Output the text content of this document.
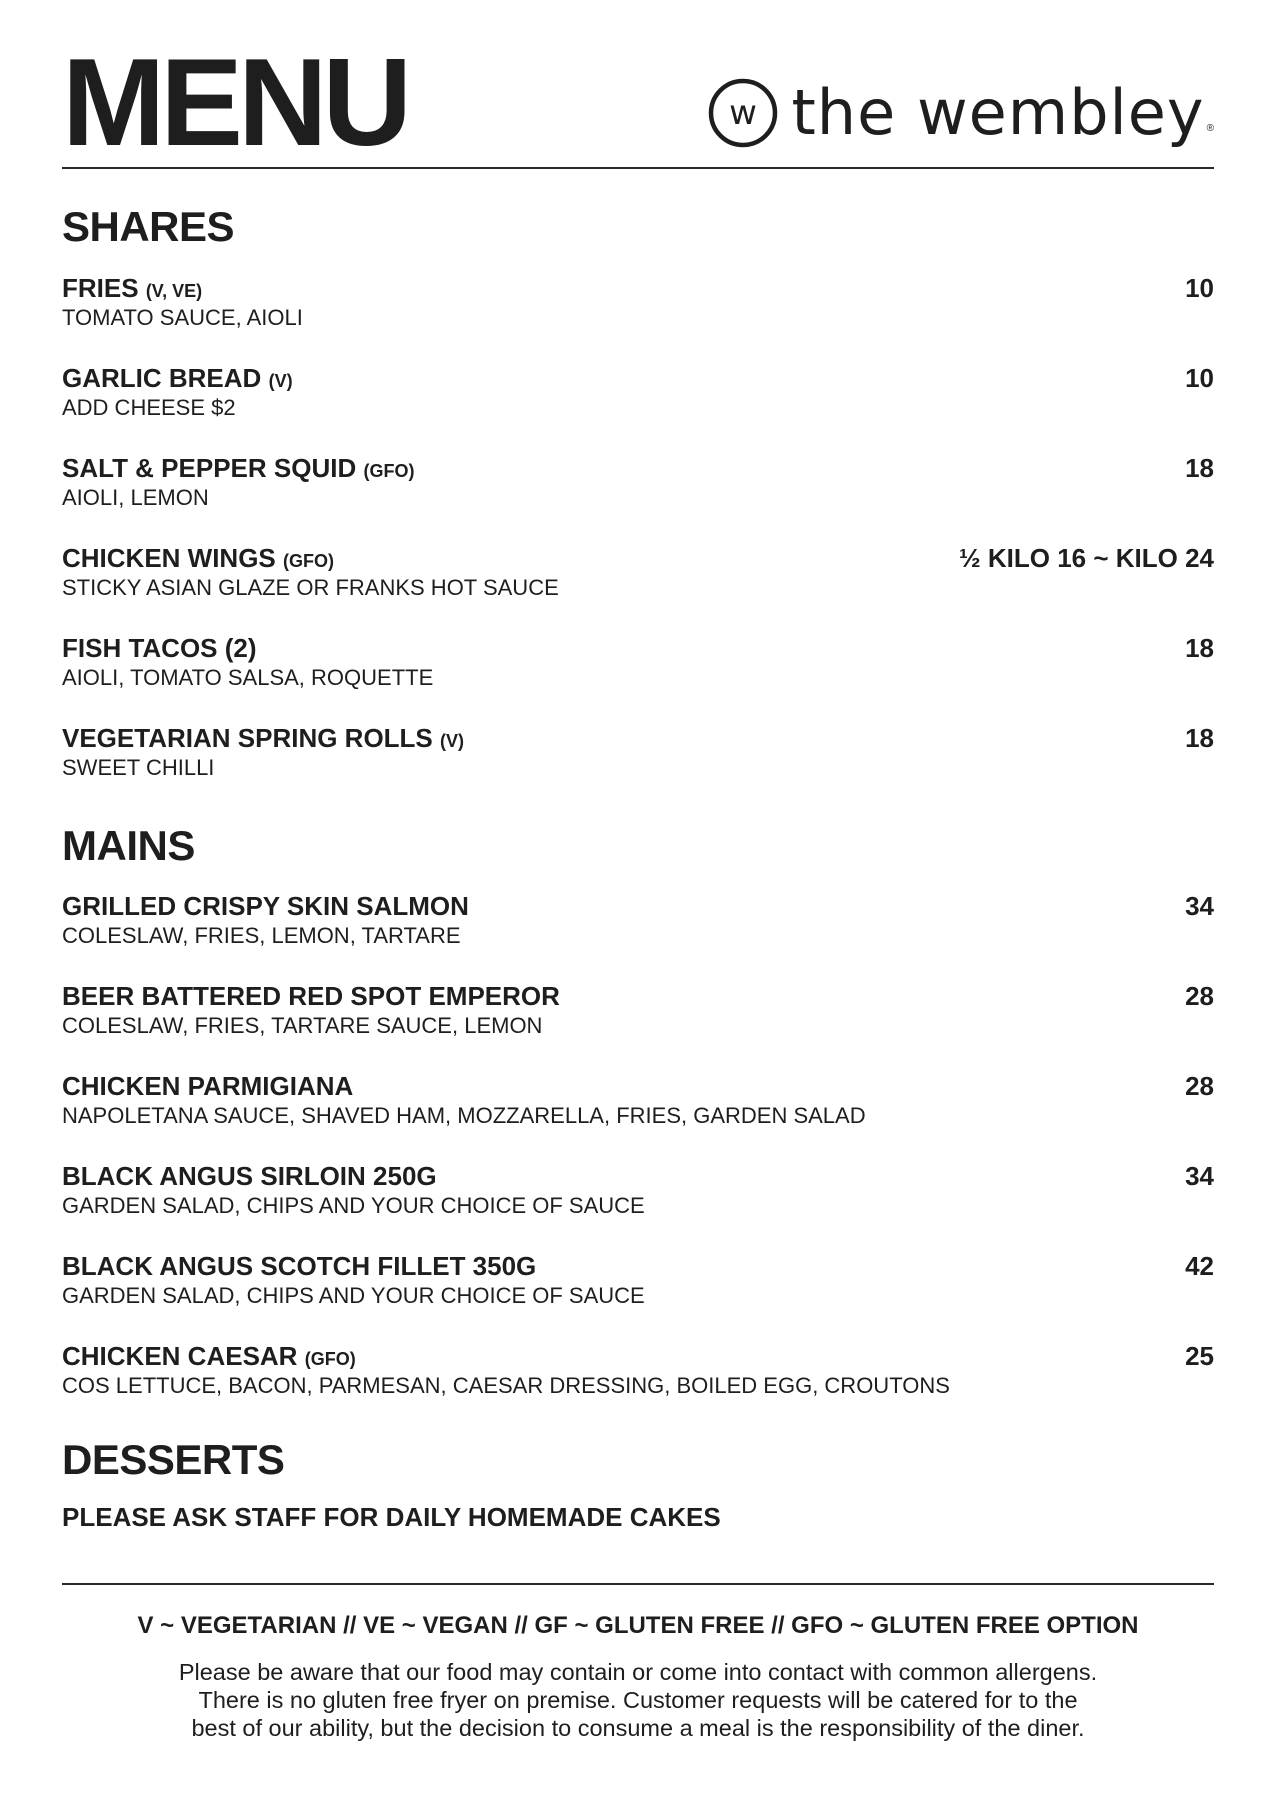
MENU	w the wembley ®
SHARES
FRIES (V, VE)
TOMATO SAUCE, AIOLI
10
GARLIC BREAD (V)
ADD CHEESE $2
10
SALT & PEPPER SQUID (GFO)
AIOLI, LEMON
18
CHICKEN WINGS (GFO)
STICKY ASIAN GLAZE OR FRANKS HOT SAUCE
½ KILO 16 ~ KILO 24
FISH TACOS (2)
AIOLI, TOMATO SALSA, ROQUETTE
18
VEGETARIAN SPRING ROLLS (V)
SWEET CHILLI
18
MAINS
GRILLED CRISPY SKIN SALMON
COLESLAW, FRIES, LEMON, TARTARE
34
BEER BATTERED RED SPOT EMPEROR
COLESLAW, FRIES, TARTARE SAUCE, LEMON
28
CHICKEN PARMIGIANA
NAPOLETANA SAUCE, SHAVED HAM, MOZZARELLA, FRIES, GARDEN SALAD
28
BLACK ANGUS SIRLOIN 250G
GARDEN SALAD, CHIPS AND YOUR CHOICE OF SAUCE
34
BLACK ANGUS SCOTCH FILLET 350G
GARDEN SALAD, CHIPS AND YOUR CHOICE OF SAUCE
42
CHICKEN CAESAR (GFO)
COS LETTUCE, BACON, PARMESAN, CAESAR DRESSING, BOILED EGG, CROUTONS
25
DESSERTS
PLEASE ASK STAFF FOR DAILY HOMEMADE CAKES
V ~ VEGETARIAN // VE ~ VEGAN // GF ~ GLUTEN FREE // GFO ~ GLUTEN FREE OPTION
Please be aware that our food may contain or come into contact with common allergens.
There is no gluten free fryer on premise. Customer requests will be catered for to the
best of our ability, but the decision to consume a meal is the responsibility of the diner.
